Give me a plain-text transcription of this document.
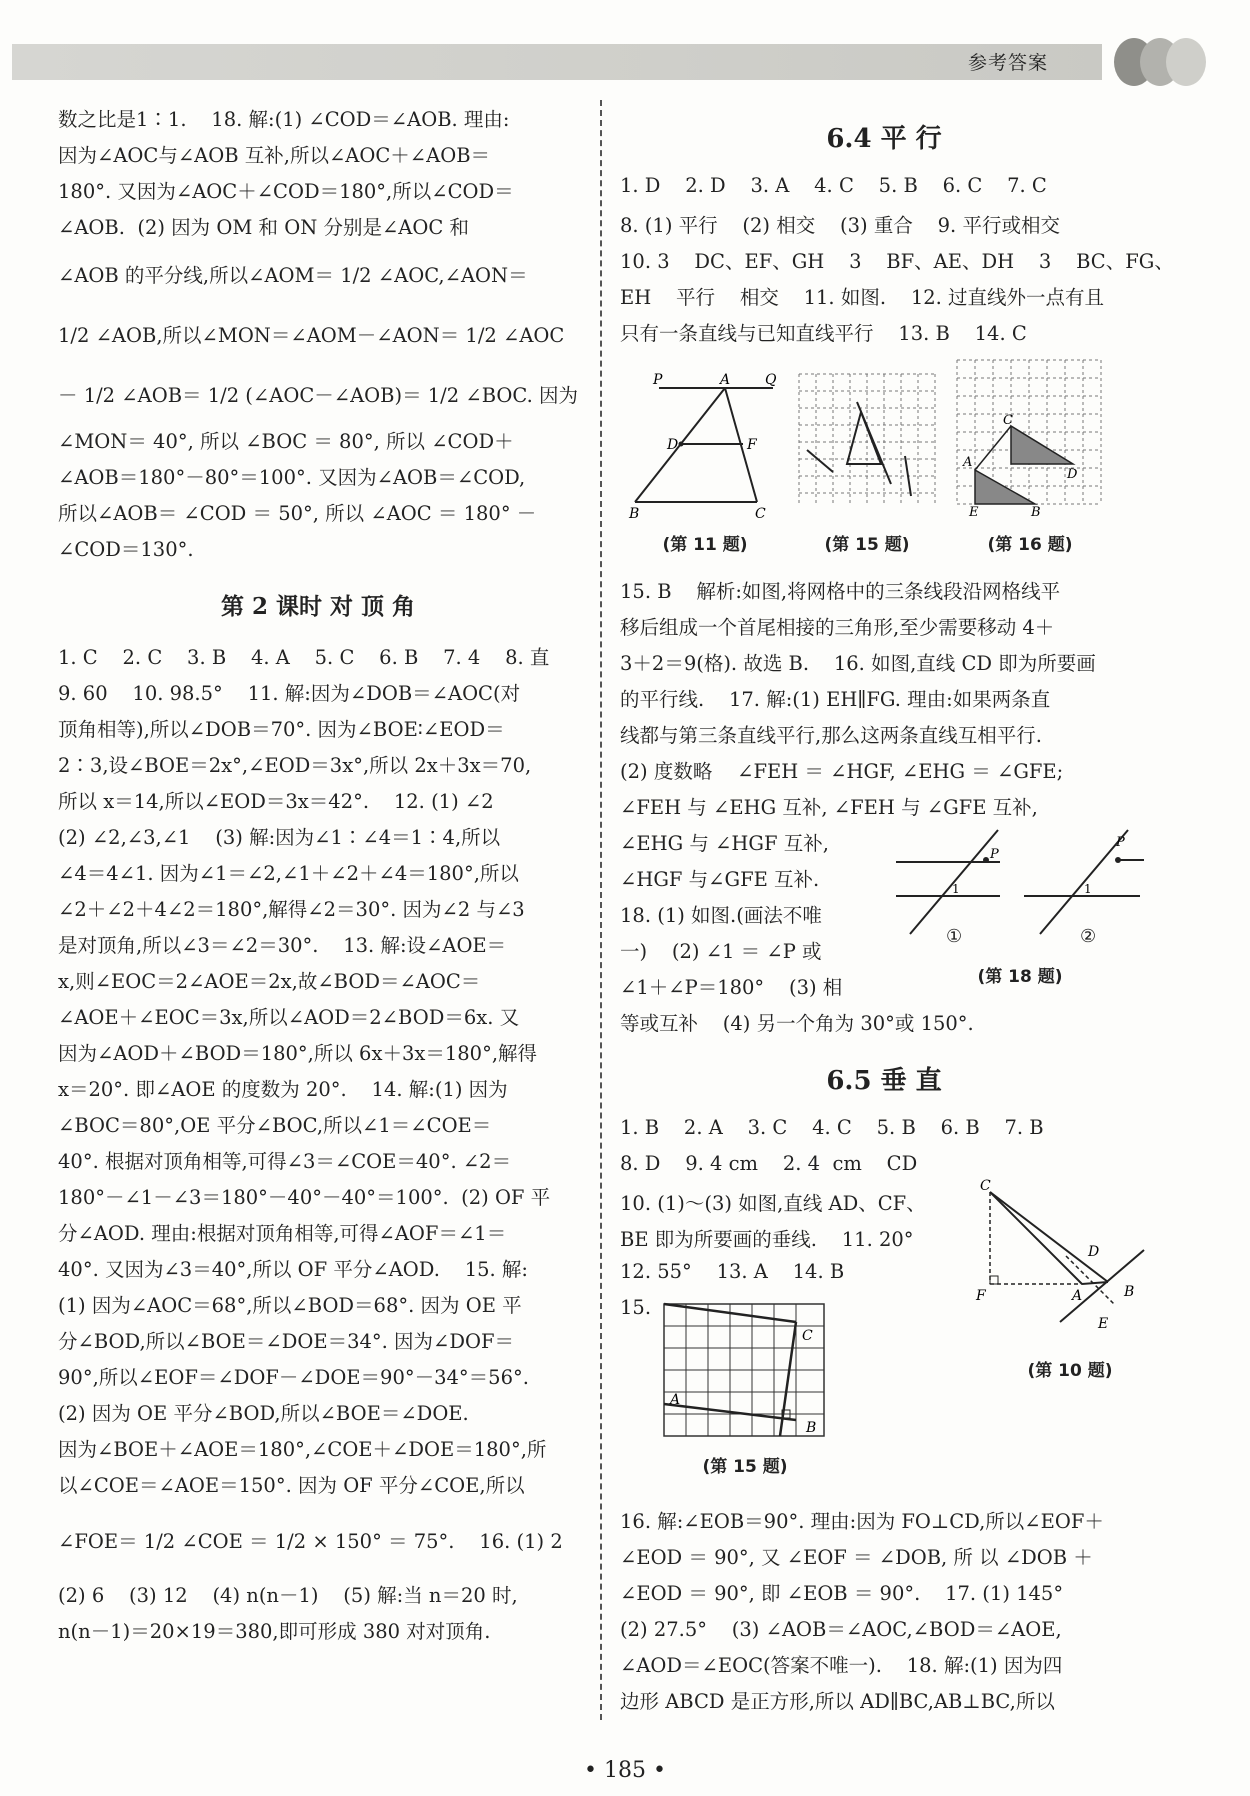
参考答案
数之比是1∶1.    18. 解:(1) ∠COD＝∠AOB. 理由:
因为∠AOC与∠AOB 互补,所以∠AOC＋∠AOB＝
180°. 又因为∠AOC＋∠COD＝180°,所以∠COD＝
∠AOB.  (2) 因为 OM 和 ON 分别是∠AOC 和
∠AOB 的平分线,所以∠AOM＝ 1/2 ∠AOC,∠AON＝
1/2 ∠AOB,所以∠MON＝∠AOM－∠AON＝ 1/2 ∠AOC
－ 1/2 ∠AOB＝ 1/2 (∠AOC－∠AOB)＝ 1/2 ∠BOC. 因为
∠MON＝ 40°, 所以 ∠BOC ＝ 80°, 所以 ∠COD＋
∠AOB＝180°－80°＝100°. 又因为∠AOB＝∠COD,
所以∠AOB＝ ∠COD ＝ 50°, 所以 ∠AOC ＝ 180° －
∠COD＝130°.
第 2 课时 对 顶 角
1. C    2. C    3. B    4. A    5. C    6. B    7. 4    8. 直
9. 60    10. 98.5°    11. 解:因为∠DOB＝∠AOC(对
顶角相等),所以∠DOB＝70°. 因为∠BOE∶∠EOD＝
2∶3,设∠BOE＝2x°,∠EOD＝3x°,所以 2x＋3x＝70,
所以 x＝14,所以∠EOD＝3x＝42°.    12. (1) ∠2
(2) ∠2,∠3,∠1    (3) 解:因为∠1∶∠4＝1∶4,所以
∠4＝4∠1. 因为∠1＝∠2,∠1＋∠2＋∠4＝180°,所以
∠2＋∠2＋4∠2＝180°,解得∠2＝30°. 因为∠2 与∠3
是对顶角,所以∠3＝∠2＝30°.    13. 解:设∠AOE＝
x,则∠EOC＝2∠AOE＝2x,故∠BOD＝∠AOC＝
∠AOE＋∠EOC＝3x,所以∠AOD＝2∠BOD＝6x. 又
因为∠AOD＋∠BOD＝180°,所以 6x＋3x＝180°,解得
x＝20°. 即∠AOE 的度数为 20°.    14. 解:(1) 因为
∠BOC＝80°,OE 平分∠BOC,所以∠1＝∠COE＝
40°. 根据对顶角相等,可得∠3＝∠COE＝40°. ∠2＝
180°－∠1－∠3＝180°－40°－40°＝100°.  (2) OF 平
分∠AOD. 理由:根据对顶角相等,可得∠AOF＝∠1＝
40°. 又因为∠3＝40°,所以 OF 平分∠AOD.    15. 解:
(1) 因为∠AOC＝68°,所以∠BOD＝68°. 因为 OE 平
分∠BOD,所以∠BOE＝∠DOE＝34°. 因为∠DOF＝
90°,所以∠EOF＝∠DOF－∠DOE＝90°－34°＝56°.
(2) 因为 OE 平分∠BOD,所以∠BOE＝∠DOE.
因为∠BOE＋∠AOE＝180°,∠COE＋∠DOE＝180°,所
以∠COE＝∠AOE＝150°. 因为 OF 平分∠COE,所以
∠FOE＝ 1/2 ∠COE ＝ 1/2 × 150° ＝ 75°.    16. (1) 2
(2) 6    (3) 12    (4) n(n－1)    (5) 解:当 n＝20 时,
n(n－1)＝20×19＝380,即可形成 380 对对顶角.
6.4 平 行
1. D    2. D    3. A    4. C    5. B    6. C    7. C
8. (1) 平行    (2) 相交    (3) 重合    9. 平行或相交
10. 3    DC、EF、GH    3    BF、AE、DH    3    BC、FG、
EH    平行    相交    11. 如图.    12. 过直线外一点有且
只有一条直线与已知直线平行    13. B    14. C
P	A Q
D	F
B	C
C
A
D
E	B
(第 11 题)	(第 15 题)	(第 16 题)
15. B    解析:如图,将网格中的三条线段沿网格线平
移后组成一个首尾相接的三角形,至少需要移动 4＋
3＋2＝9(格). 故选 B.    16. 如图,直线 CD 即为所要画
的平行线.    17. 解:(1) EH∥FG. 理由:如果两条直
线都与第三条直线平行,那么这两条直线互相平行.
(2) 度数略    ∠FEH ＝ ∠HGF, ∠EHG ＝ ∠GFE;
∠FEH 与 ∠EHG 互补, ∠FEH 与 ∠GFE 互补,
∠EHG 与 ∠HGF 互补,
∠HGF 与∠GFE 互补.
18. (1) 如图.(画法不唯
一)    (2) ∠1 ＝ ∠P 或
∠1＋∠P＝180°    (3) 相
等或互补    (4) 另一个角为 30°或 150°.
P
1
P
1
①	②
(第 18 题)
6.5 垂 直
1. B    2. A    3. C    4. C    5. B    6. B    7. B
8. D    9. 4 cm    2. 4  cm    CD
10. (1)～(3) 如图,直线 AD、CF、
BE 即为所要画的垂线.    11. 20°
12. 55°    13. A    14. B
15.
C
D
F	A	B
E
(第 10 题)
C
A
B
(第 15 题)
16. 解:∠EOB＝90°. 理由:因为 FO⊥CD,所以∠EOF＋
∠EOD ＝ 90°, 又 ∠EOF ＝ ∠DOB, 所 以 ∠DOB ＋
∠EOD ＝ 90°, 即 ∠EOB ＝ 90°.    17. (1) 145°
(2) 27.5°    (3) ∠AOB＝∠AOC,∠BOD＝∠AOE,
∠AOD＝∠EOC(答案不唯一).    18. 解:(1) 因为四
边形 ABCD 是正方形,所以 AD∥BC,AB⊥BC,所以
• 185 •
